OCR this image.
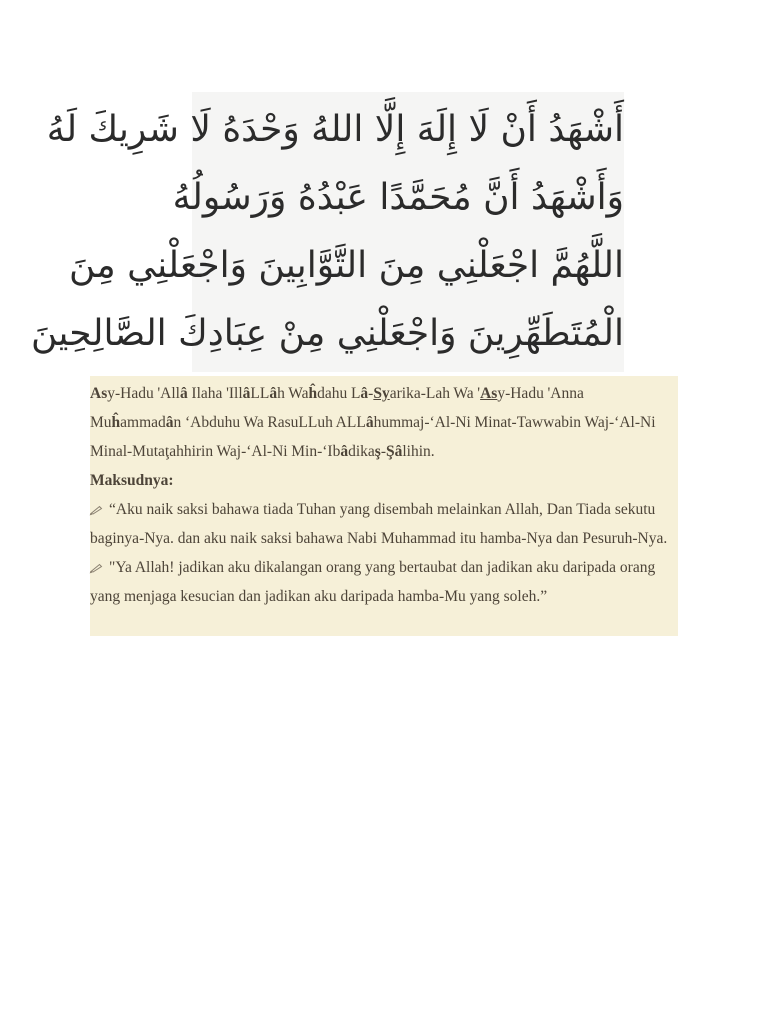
أَشْهَدُ أَنْ لَا إِلَهَ إِلَّا اللهُ وَحْدَهُ لَا شَرِيكَ لَهُ
وَأَشْهَدُ أَنَّ مُحَمَّدًا عَبْدُهُ وَرَسُولُهُ
اللَّهُمَّ اجْعَلْنِي مِنَ التَّوَّابِينَ وَاجْعَلْنِي مِنَ
الْمُتَطَهِّرِينَ وَاجْعَلْنِي مِنْ عِبَادِكَ الصَّالِحِينَ

Asy-Hadu 'Allâ Ilaha 'IllâLLâh Waĥdahu Lâ-Syarika-Lah Wa 'Asy-Hadu 'Anna Muĥammadân ‘Abduhu Wa RasuLLuh ALLâhummaj-‘Al-Ni Minat-Tawwabin Waj-‘Al-Ni Minal-Mutaţahhirin Waj-‘Al-Ni Min-‘Ibâdikaş-Şâlihin.

Maksudnya:

“Aku naik saksi bahawa tiada Tuhan yang disembah melainkan Allah, Dan Tiada sekutu baginya-Nya. dan aku naik saksi bahawa Nabi Muhammad itu hamba-Nya dan Pesuruh-Nya.

"Ya Allah! jadikan aku dikalangan orang yang bertaubat dan jadikan aku daripada orang yang menjaga kesucian dan jadikan aku daripada hamba-Mu yang soleh.”
